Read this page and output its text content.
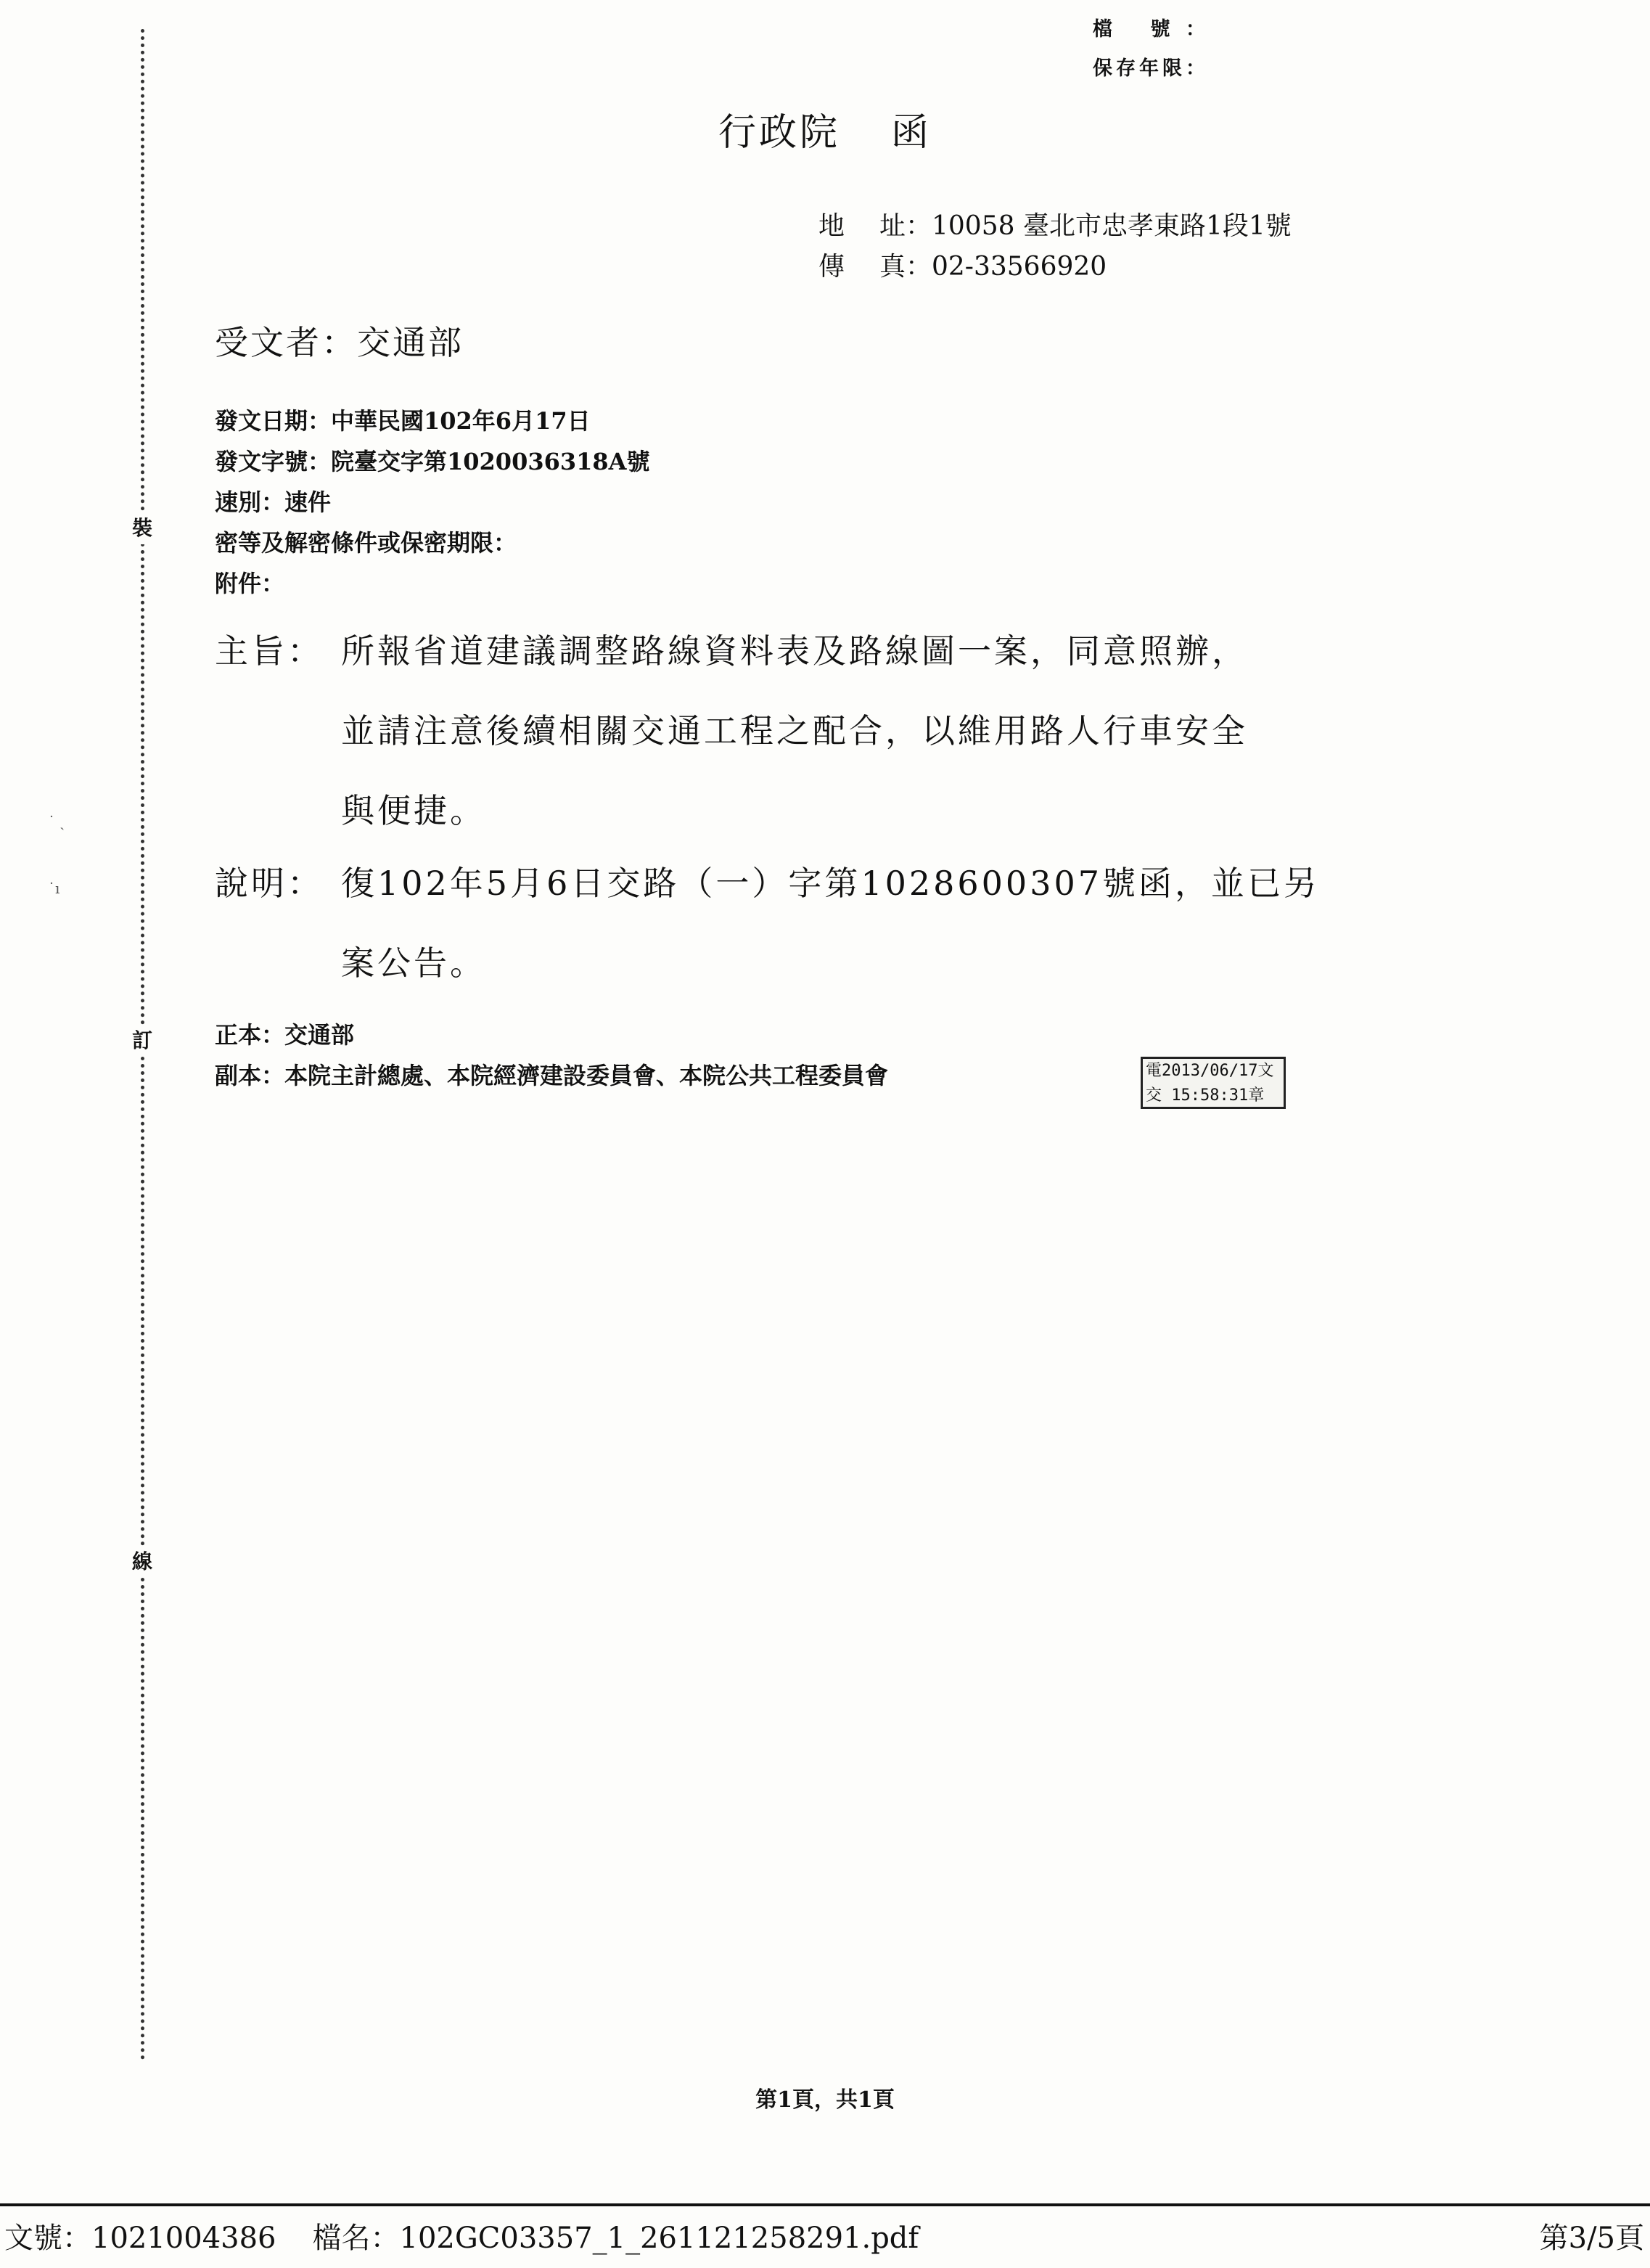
裝
訂
線
˙ ˏ
˙ı
檔 號：
保存年限：
行政院 函
地址：10058 臺北市忠孝東路1段1號
傳 真：02-33566920
受文者：交通部
發文日期：中華民國102年6月17日
發文字號：院臺交字第1020036318A號
速別：速件
密等及解密條件或保密期限：
附件：
主旨： 所報省道建議調整路線資料表及路線圖一案，同意照辦，
並請注意後續相關交通工程之配合，以維用路人行車安全
與便捷。
說明： 復102年5月6日交路（一）字第1028600307號函，並已另
案公告。
正本：交通部
副本：本院主計總處、本院經濟建設委員會、本院公共工程委員會	電2013/06/17文
交 15:58:31章
第1頁，共1頁
文號：1021004386 檔名：102GC03357_1_261121258291.pdf	第3/5頁
